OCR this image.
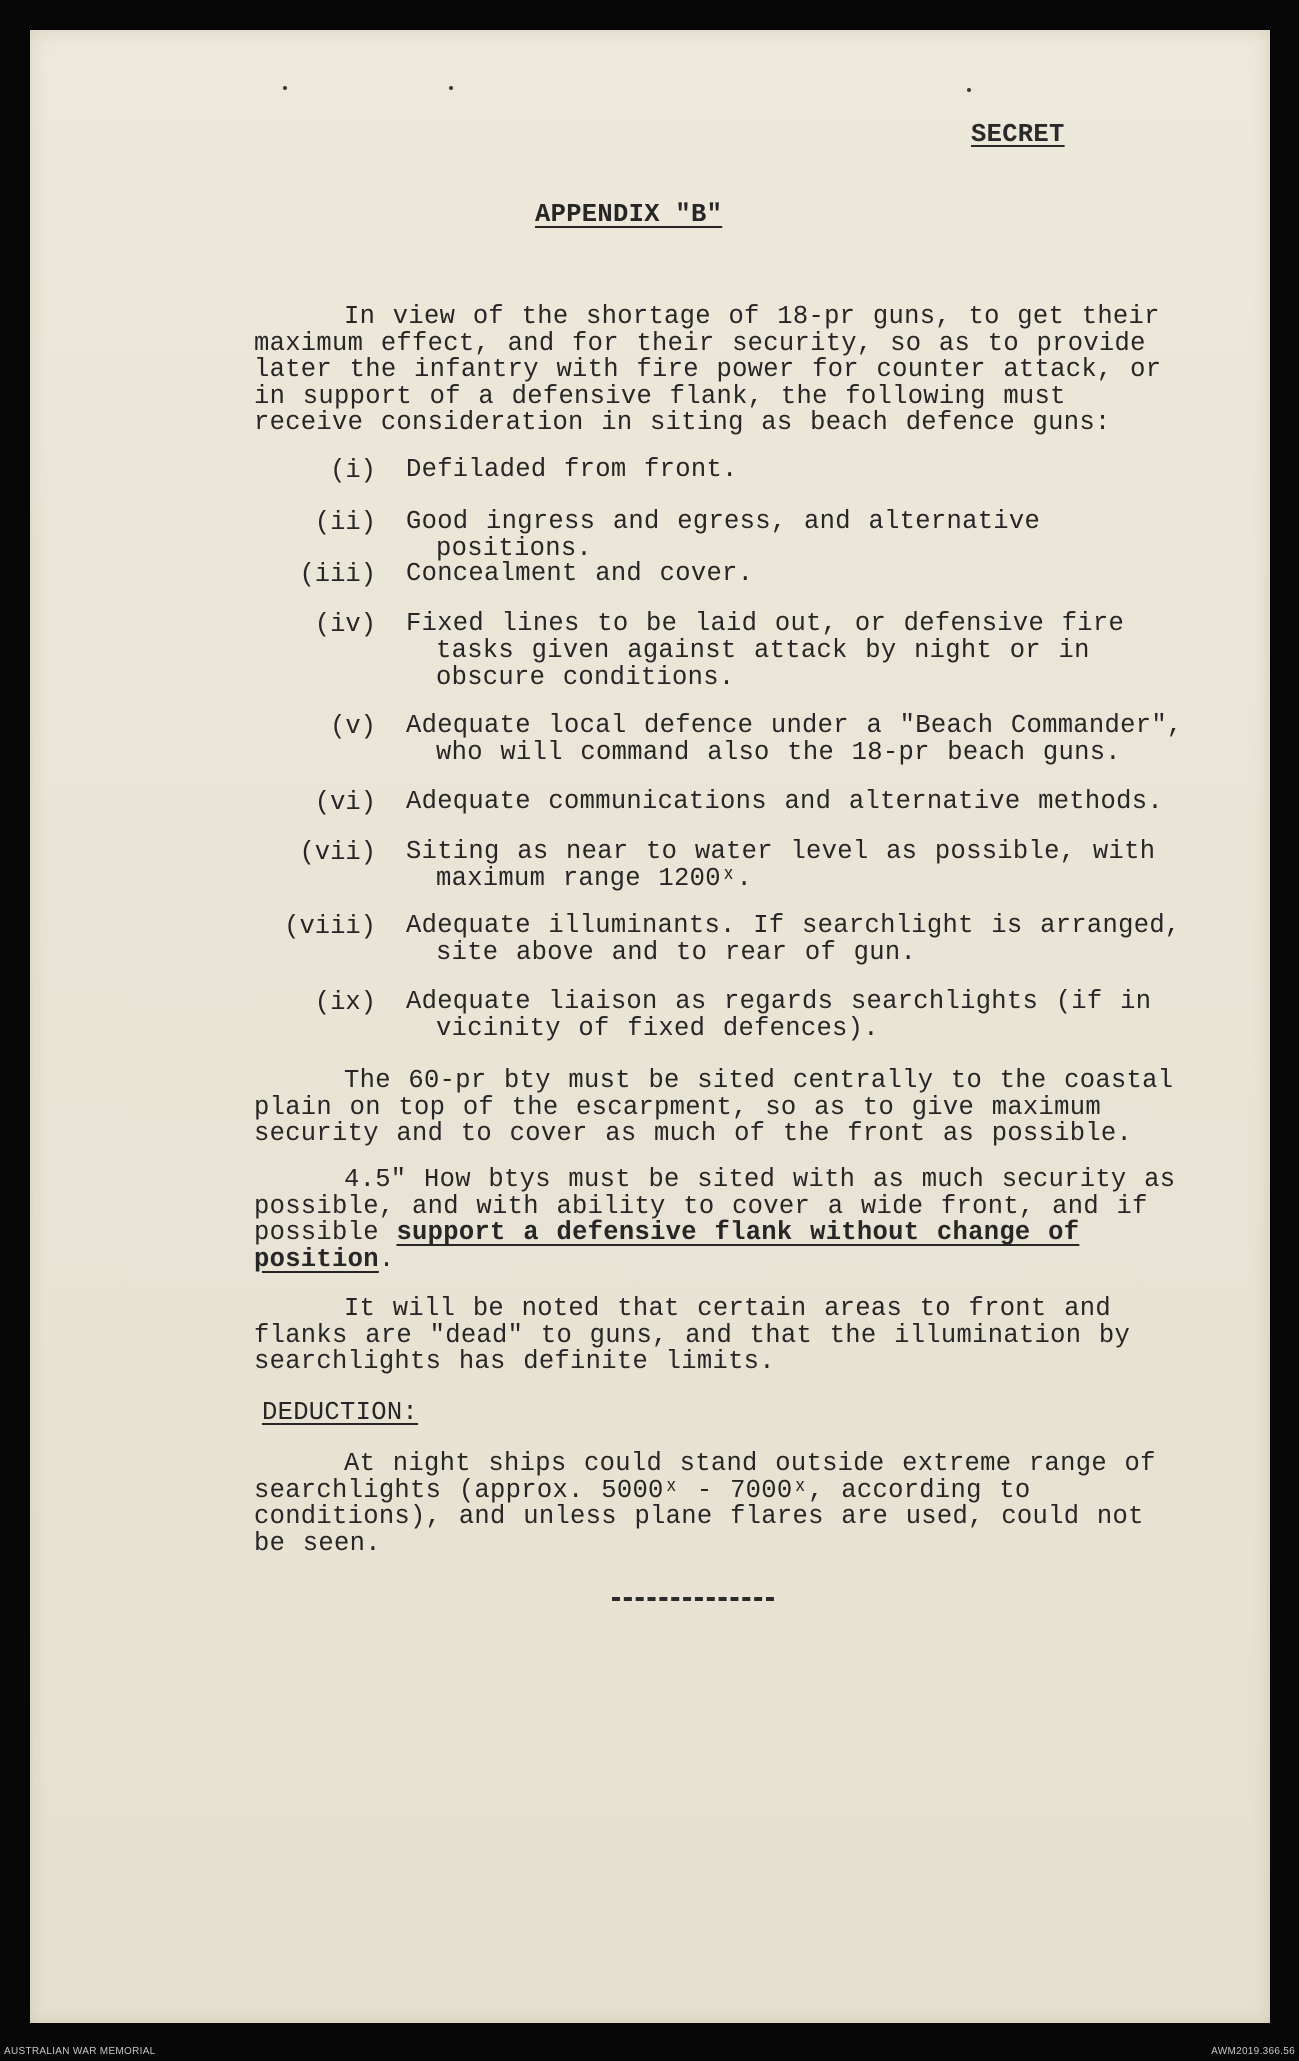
SECRET
APPENDIX "B"
In view of the shortage of 18-pr guns, to get their maximum effect, and for their security, so as to provide later the infantry with fire power for counter attack, or in support of a defensive flank, the following must receive consideration in siting as beach defence guns:
(i) Defiladed from front.
(ii) Good ingress and egress, and alternative positions.
(iii) Concealment and cover.
(iv) Fixed lines to be laid out, or defensive fire tasks given against attack by night or in obscure conditions.
(v) Adequate local defence under a "Beach Commander", who will command also the 18-pr beach guns.
(vi) Adequate communications and alternative methods.
(vii) Siting as near to water level as possible, with maximum range 1200ˣ.
(viii) Adequate illuminants. If searchlight is arranged, site above and to rear of gun.
(ix) Adequate liaison as regards searchlights (if in vicinity of fixed defences).
The 60-pr bty must be sited centrally to the coastal plain on top of the escarpment, so as to give maximum security and to cover as much of the front as possible.
4.5" How btys must be sited with as much security as possible, and with ability to cover a wide front, and if possible support a defensive flank without change of position.
It will be noted that certain areas to front and flanks are "dead" to guns, and that the illumination by searchlights has definite limits.
DEDUCTION:
At night ships could stand outside extreme range of searchlights (approx. 5000ˣ - 7000ˣ, according to conditions), and unless plane flares are used, could not be seen.
AUSTRALIAN WAR MEMORIAL	AWM2019.366.56
